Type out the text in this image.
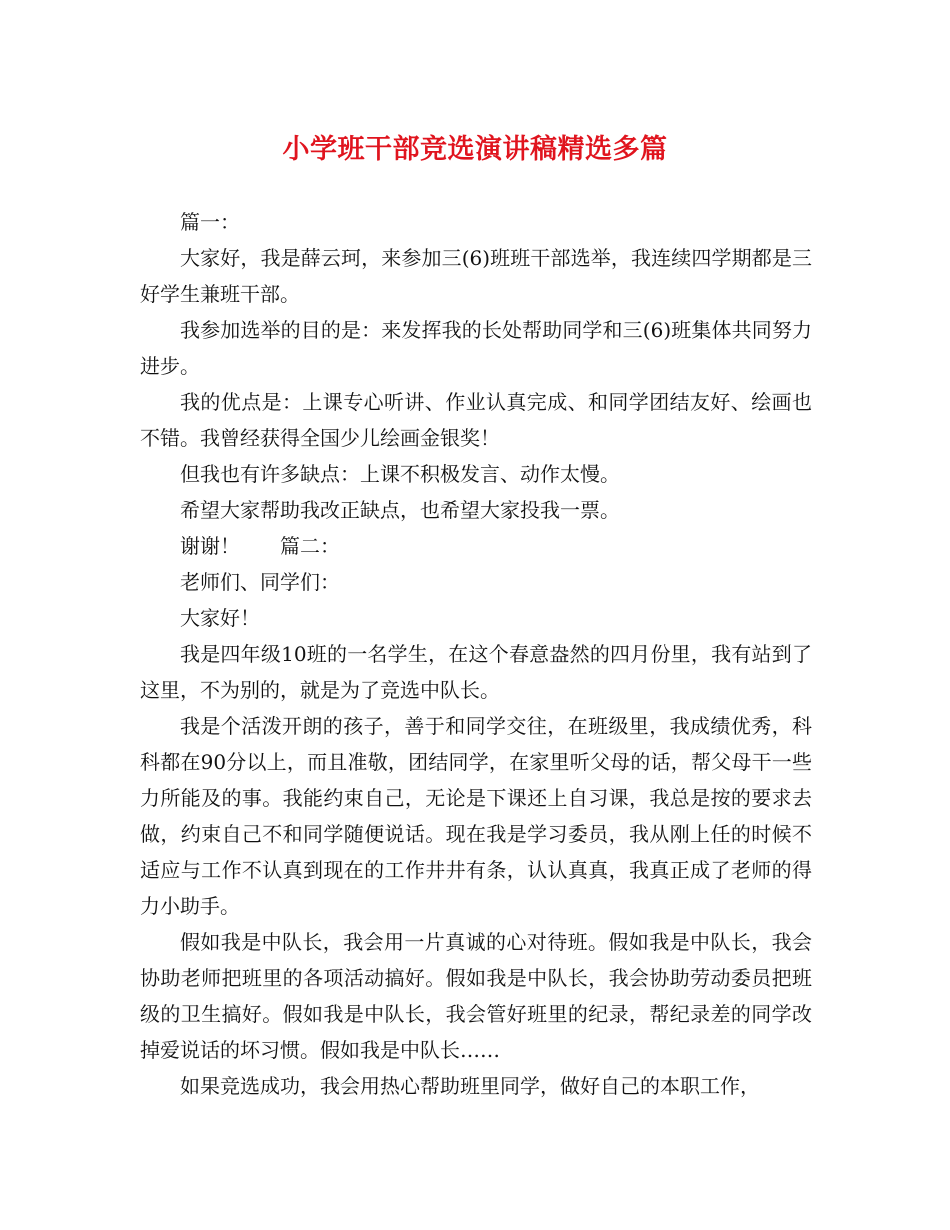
小学班干部竞选演讲稿精选多篇

篇一：

大家好，我是薛云珂，来参加三(6)班班干部选举，我连续四学期都是三好学生兼班干部。

我参加选举的目的是：来发挥我的长处帮助同学和三(6)班集体共同努力进步。

我的优点是：上课专心听讲、作业认真完成、和同学团结友好、绘画也不错。我曾经获得全国少儿绘画金银奖！

但我也有许多缺点：上课不积极发言、动作太慢。

希望大家帮助我改正缺点，也希望大家投我一票。

谢谢！　　篇二：

老师们、同学们：

大家好！

我是四年级10班的一名学生，在这个春意盎然的四月份里，我有站到了这里，不为别的，就是为了竞选中队长。

我是个活泼开朗的孩子，善于和同学交往，在班级里，我成绩优秀，科科都在90分以上，而且准敬，团结同学，在家里听父母的话，帮父母干一些力所能及的事。我能约束自己，无论是下课还上自习课，我总是按的要求去做，约束自己不和同学随便说话。现在我是学习委员，我从刚上任的时候不适应与工作不认真到现在的工作井井有条，认认真真，我真正成了老师的得力小助手。

假如我是中队长，我会用一片真诚的心对待班。假如我是中队长，我会协助老师把班里的各项活动搞好。假如我是中队长，我会协助劳动委员把班级的卫生搞好。假如我是中队长，我会管好班里的纪录，帮纪录差的同学改掉爱说话的坏习惯。假如我是中队长……

如果竞选成功，我会用热心帮助班里同学，做好自己的本职工作，
